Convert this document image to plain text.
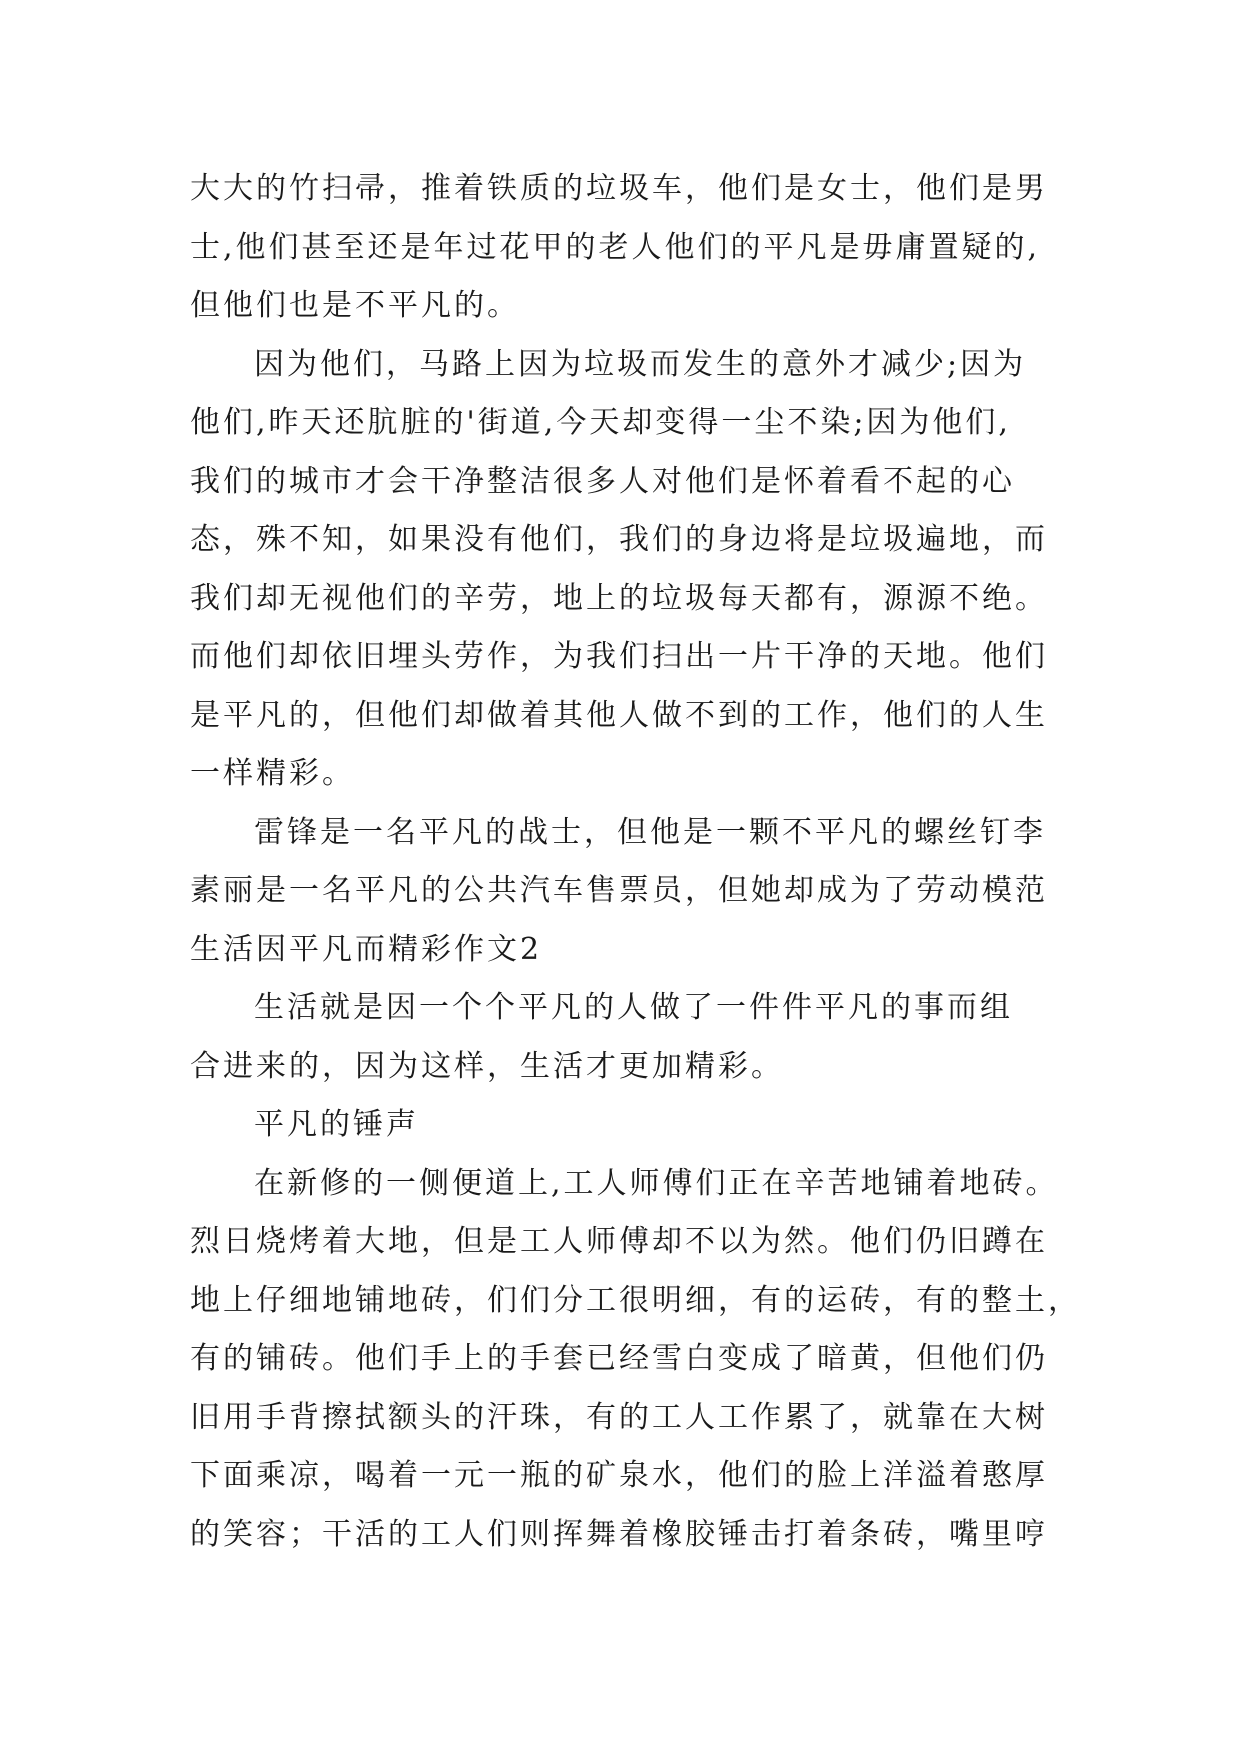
大大的竹扫帚，推着铁质的垃圾车，他们是女士，他们是男
士,他们甚至还是年过花甲的老人他们的平凡是毋庸置疑的,
但他们也是不平凡的。
因为他们，马路上因为垃圾而发生的意外才减少;因为
他们,昨天还肮脏的'街道,今天却变得一尘不染;因为他们,
我们的城市才会干净整洁很多人对他们是怀着看不起的心
态，殊不知，如果没有他们，我们的身边将是垃圾遍地，而
我们却无视他们的辛劳，地上的垃圾每天都有，源源不绝。
而他们却依旧埋头劳作，为我们扫出一片干净的天地。他们
是平凡的，但他们却做着其他人做不到的工作，他们的人生
一样精彩。
雷锋是一名平凡的战士，但他是一颗不平凡的螺丝钉李
素丽是一名平凡的公共汽车售票员，但她却成为了劳动模范
生活因平凡而精彩作文2
生活就是因一个个平凡的人做了一件件平凡的事而组
合进来的，因为这样，生活才更加精彩。
平凡的锤声
在新修的一侧便道上,工人师傅们正在辛苦地铺着地砖。
烈日烧烤着大地，但是工人师傅却不以为然。他们仍旧蹲在
地上仔细地铺地砖，们们分工很明细，有的运砖，有的整土，
有的铺砖。他们手上的手套已经雪白变成了暗黄，但他们仍
旧用手背擦拭额头的汗珠，有的工人工作累了，就靠在大树
下面乘凉，喝着一元一瓶的矿泉水，他们的脸上洋溢着憨厚
的笑容；干活的工人们则挥舞着橡胶锤击打着条砖，嘴里哼
